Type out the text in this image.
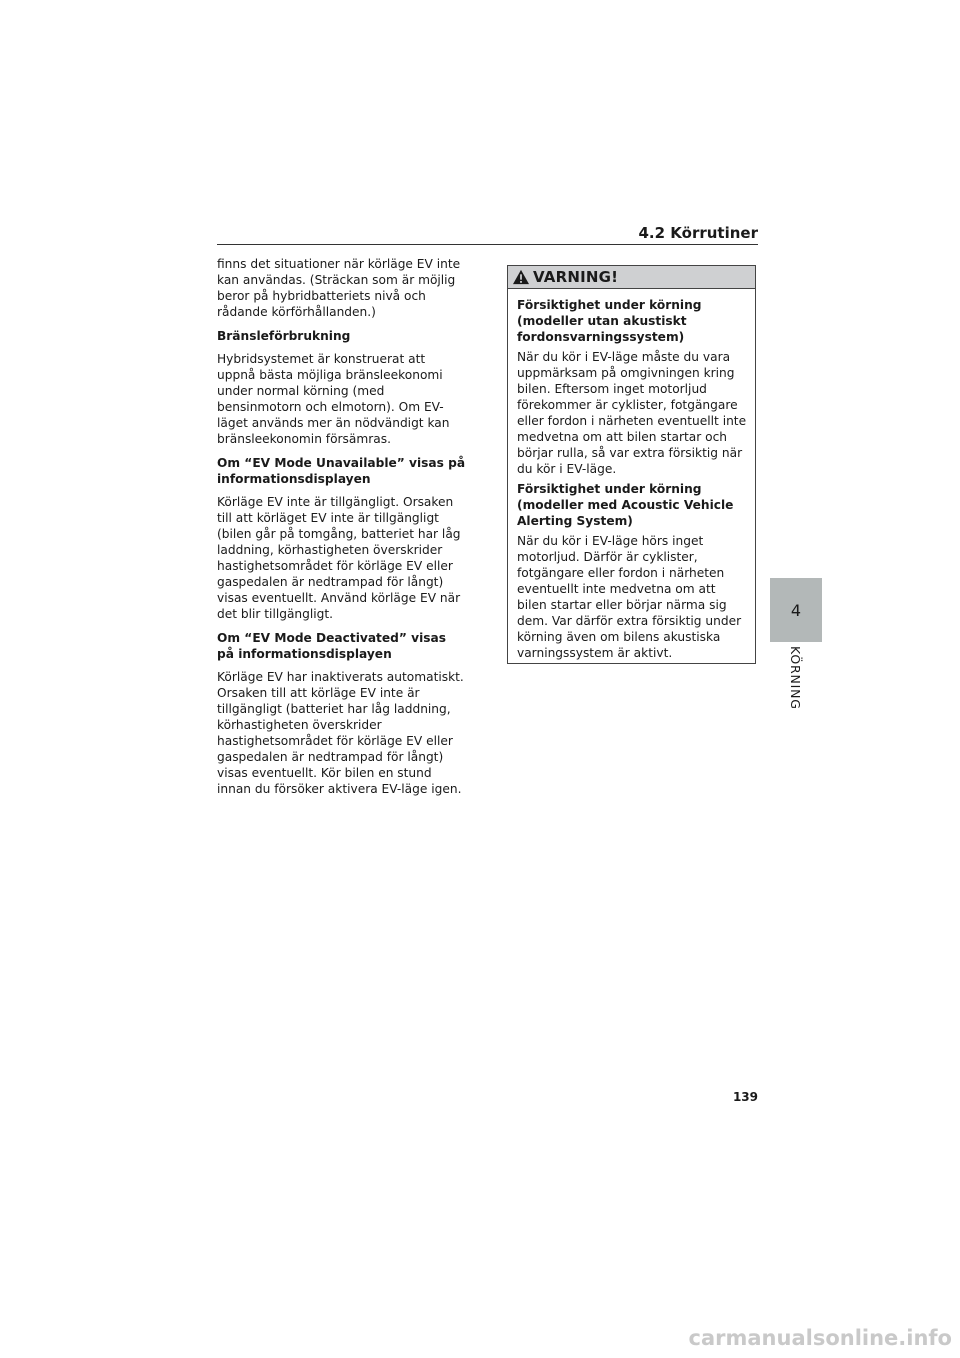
4.2 Körrutiner

finns det situationer när körläge EV inte kan användas. (Sträckan som är möjlig beror på hybridbatteriets nivå och rådande körförhållanden.)

Bränsleförbrukning

Hybridsystemet är konstruerat att uppnå bästa möjliga bränsleekonomi under normal körning (med bensinmotorn och elmotorn). Om EV-läget används mer än nödvändigt kan bränsleekonomin försämras.

Om “EV Mode Unavailable” visas på informationsdisplayen

Körläge EV inte är tillgängligt. Orsaken till att körläget EV inte är tillgängligt (bilen går på tomgång, batteriet har låg laddning, körhastigheten överskrider hastighetsområdet för körläge EV eller gaspedalen är nedtrampad för långt) visas eventuellt. Använd körläge EV när det blir tillgängligt.

Om “EV Mode Deactivated” visas på informationsdisplayen

Körläge EV har inaktiverats automatiskt. Orsaken till att körläge EV inte är tillgängligt (batteriet har låg laddning, körhastigheten överskrider hastighetsområdet för körläge EV eller gaspedalen är nedtrampad för långt) visas eventuellt. Kör bilen en stund innan du försöker aktivera EV-läge igen.

VARNING!

Försiktighet under körning (modeller utan akustiskt fordonsvarningssystem)

När du kör i EV-läge måste du vara uppmärksam på omgivningen kring bilen. Eftersom inget motorljud förekommer är cyklister, fotgängare eller fordon i närheten eventuellt inte medvetna om att bilen startar och börjar rulla, så var extra försiktig när du kör i EV-läge.

Försiktighet under körning (modeller med Acoustic Vehicle Alerting System)

När du kör i EV-läge hörs inget motorljud. Därför är cyklister, fotgängare eller fordon i närheten eventuellt inte medvetna om att bilen startar eller börjar närma sig dem. Var därför extra försiktig under körning även om bilens akustiska varningssystem är aktivt.

4
KÖRNING
139
carmanualsonline.info
